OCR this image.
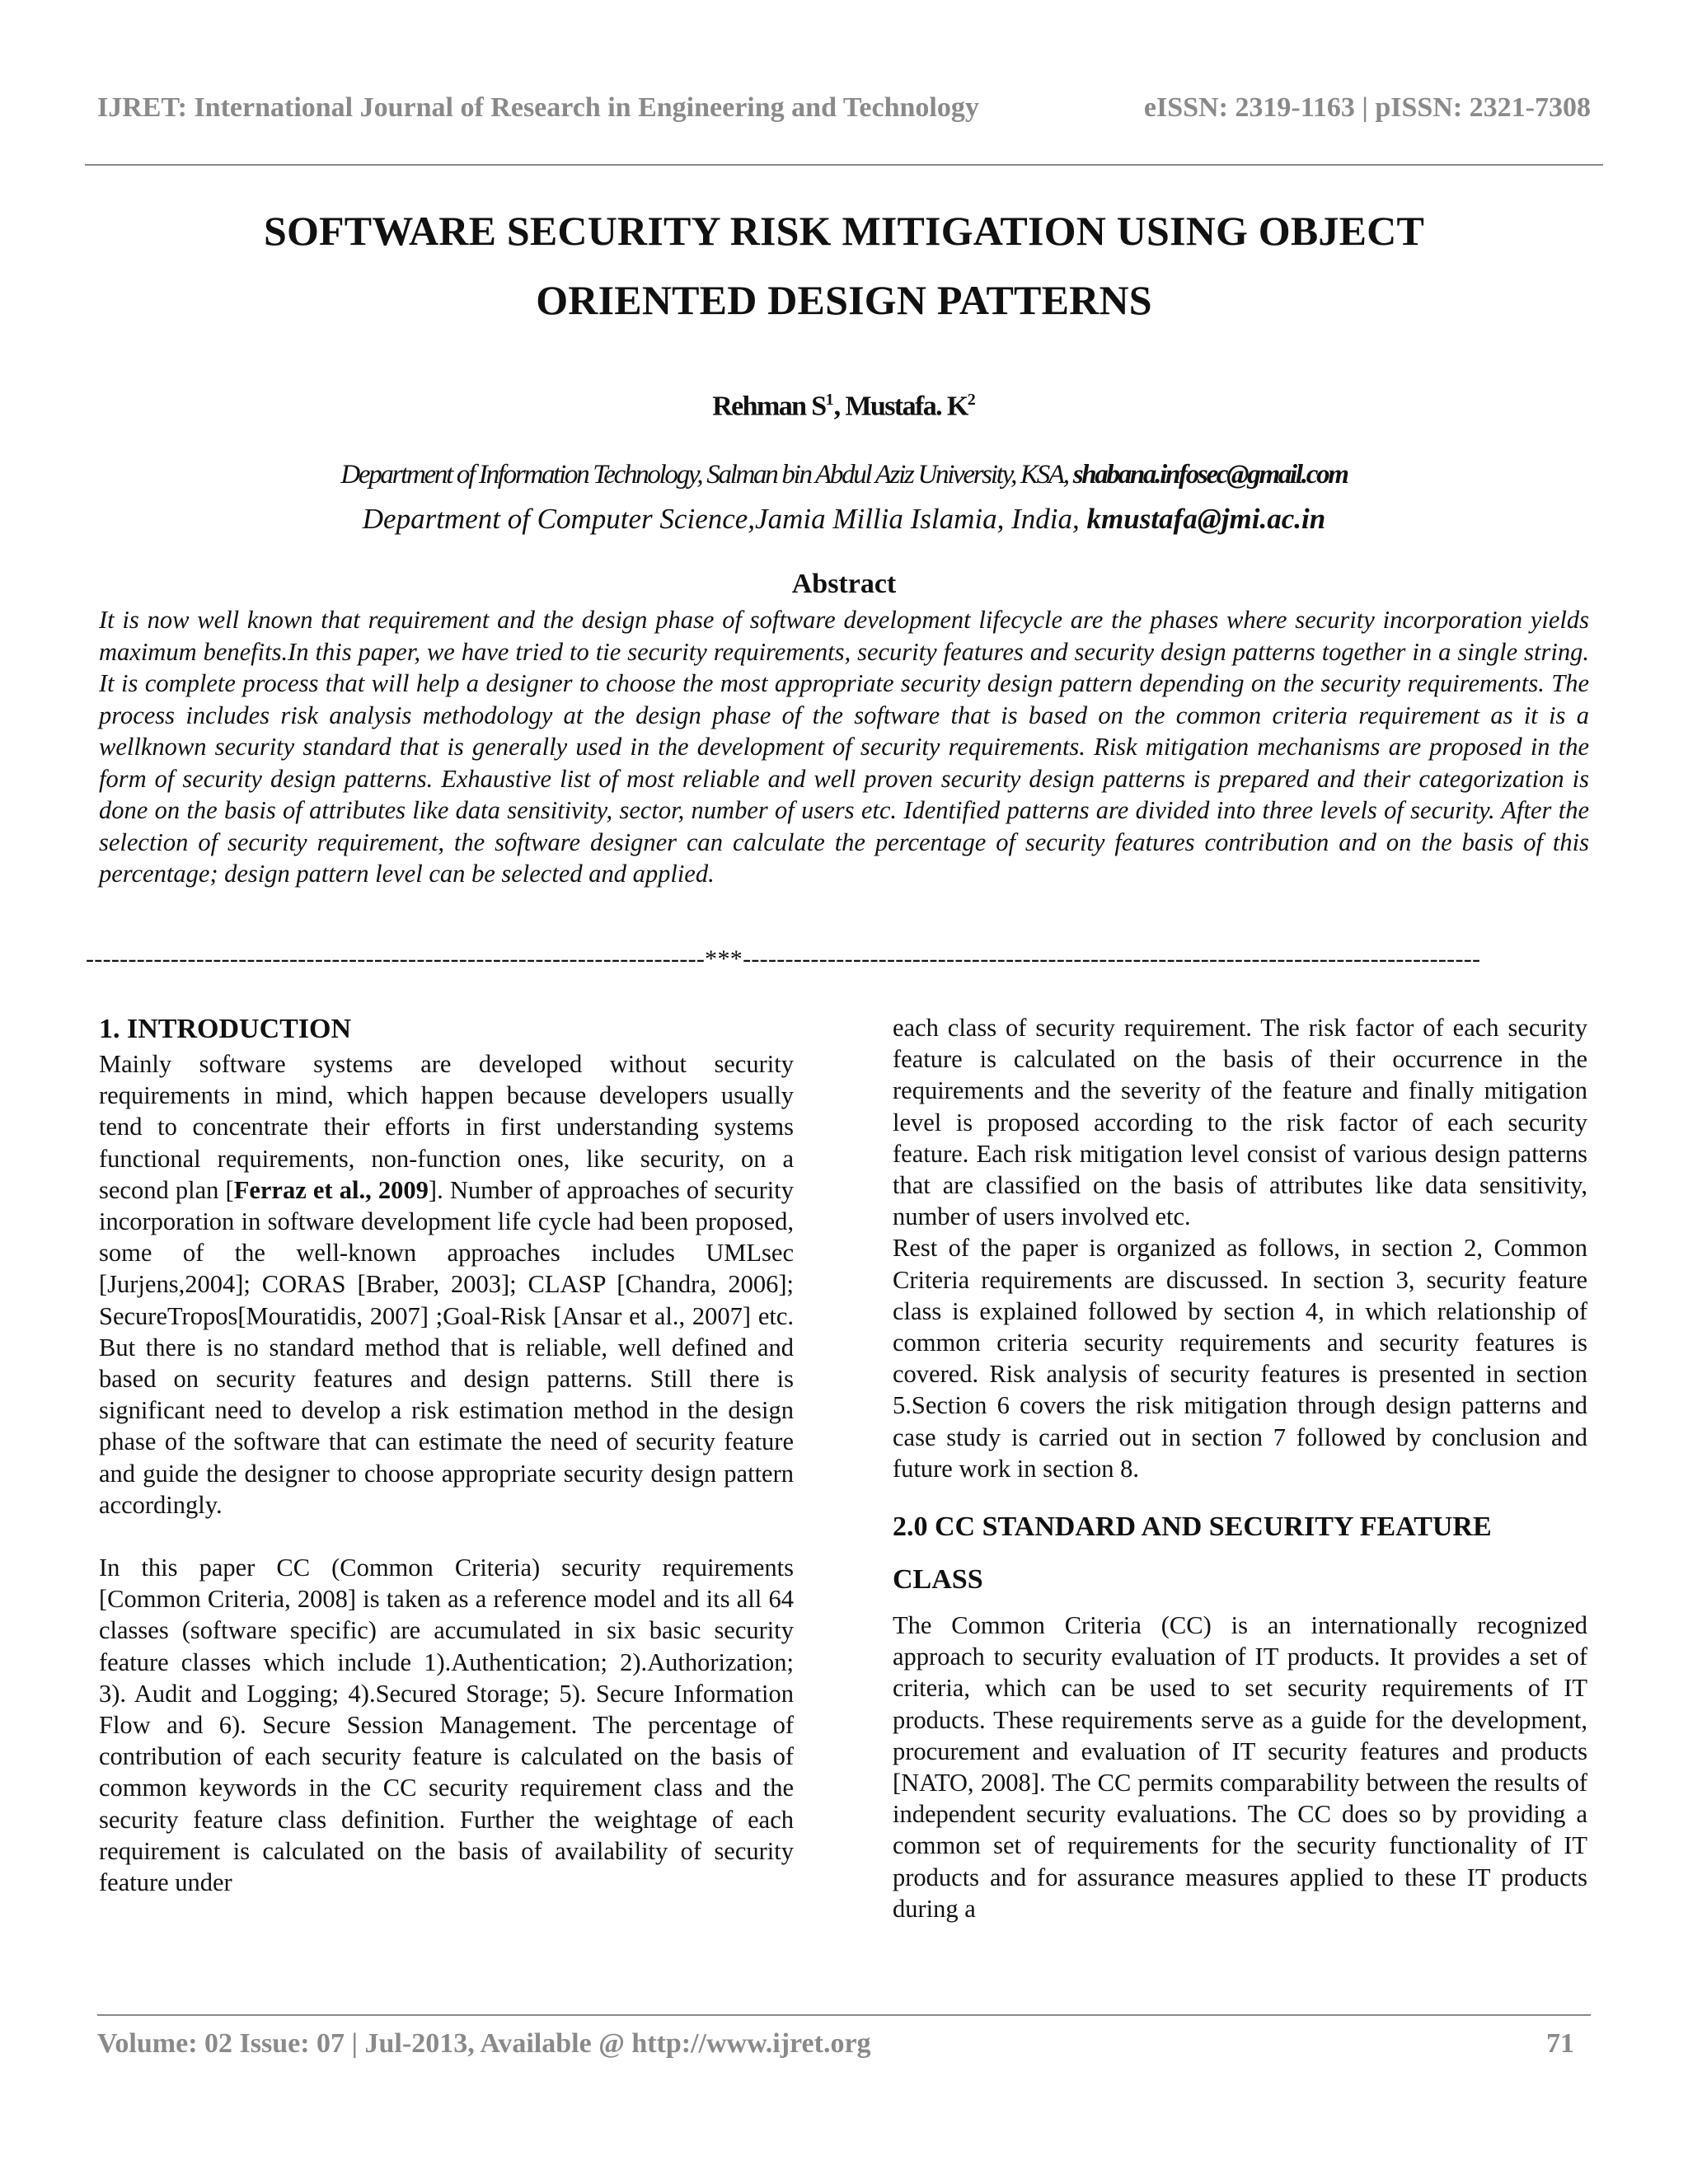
IJRET: International Journal of Research in Engineering and Technology	eISSN: 2319-1163 | pISSN: 2321-7308
SOFTWARE SECURITY RISK MITIGATION USING OBJECT
ORIENTED DESIGN PATTERNS
Rehman $S^1$, Mustafa. $K^2$
Department of Information Technology, Salman bin Abdul Aziz University, KSA, shabana.infosec@gmail.com
Department of Computer Science,Jamia Millia Islamia, India, kmustafa@jmi.ac.in
Abstract

It is now well known that requirement and the design phase of software development lifecycle are the phases where security incorporation yields maximum benefits.In this paper, we have tried to tie security requirements, security features and security design patterns together in a single string. It is complete process that will help a designer to choose the most appropriate security design pattern depending on the security requirements. The process includes risk analysis methodology at the design phase of the software that is based on the common criteria requirement as it is a wellknown security standard that is generally used in the development of security requirements. Risk mitigation mechanisms are proposed in the form of security design patterns. Exhaustive list of most reliable and well proven security design patterns is prepared and their categorization is done on the basis of attributes like data sensitivity, sector, number of users etc. Identified patterns are divided into three levels of security. After the selection of security requirement, the software designer can calculate the percentage of security features contribution and on the basis of this percentage; design pattern level can be selected and applied.

-------------------------------------------------------------------------***---------------------------------------------------------------------------------------
1. INTRODUCTION

Mainly software systems are developed without security requirements in mind, which happen because developers usually tend to concentrate their efforts in first understanding systems functional requirements, non-function ones, like security, on a second plan [Ferraz et al., 2009]. Number of approaches of security incorporation in software development life cycle had been proposed, some of the well-known approaches includes UMLsec [Jurjens,2004]; CORAS [Braber, 2003]; CLASP [Chandra, 2006]; SecureTropos[Mouratidis, 2007] ;Goal-Risk [Ansar et al., 2007] etc. But there is no standard method that is reliable, well defined and based on security features and design patterns. Still there is significant need to develop a risk estimation method in the design phase of the software that can estimate the need of security feature and guide the designer to choose appropriate security design pattern accordingly.

In this paper CC (Common Criteria) security requirements [Common Criteria, 2008] is taken as a reference model and its all 64 classes (software specific) are accumulated in six basic security feature classes which include 1).Authentication; 2).Authorization; 3). Audit and Logging; 4).Secured Storage; 5). Secure Information Flow and 6). Secure Session Management. The percentage of contribution of each security feature is calculated on the basis of common keywords in the CC security requirement class and the security feature class definition. Further the weightage of each requirement is calculated on the basis of availability of security feature under

each class of security requirement. The risk factor of each security feature is calculated on the basis of their occurrence in the requirements and the severity of the feature and finally mitigation level is proposed according to the risk factor of each security feature. Each risk mitigation level consist of various design patterns that are classified on the basis of attributes like data sensitivity, number of users involved etc.

Rest of the paper is organized as follows, in section 2, Common Criteria requirements are discussed. In section 3, security feature class is explained followed by section 4, in which relationship of common criteria security requirements and security features is covered. Risk analysis of security features is presented in section 5.Section 6 covers the risk mitigation through design patterns and case study is carried out in section 7 followed by conclusion and future work in section 8.

2.0 CC STANDARD AND SECURITY FEATURE
CLASS

The Common Criteria (CC) is an internationally recognized approach to security evaluation of IT products. It provides a set of criteria, which can be used to set security requirements of IT products. These requirements serve as a guide for the development, procurement and evaluation of IT security features and products [NATO, 2008]. The CC permits comparability between the results of independent security evaluations. The CC does so by providing a common set of requirements for the security functionality of IT products and for assurance measures applied to these IT products during a

Volume: 02 Issue: 07 | Jul-2013, Available @ http://www.ijret.org	71
